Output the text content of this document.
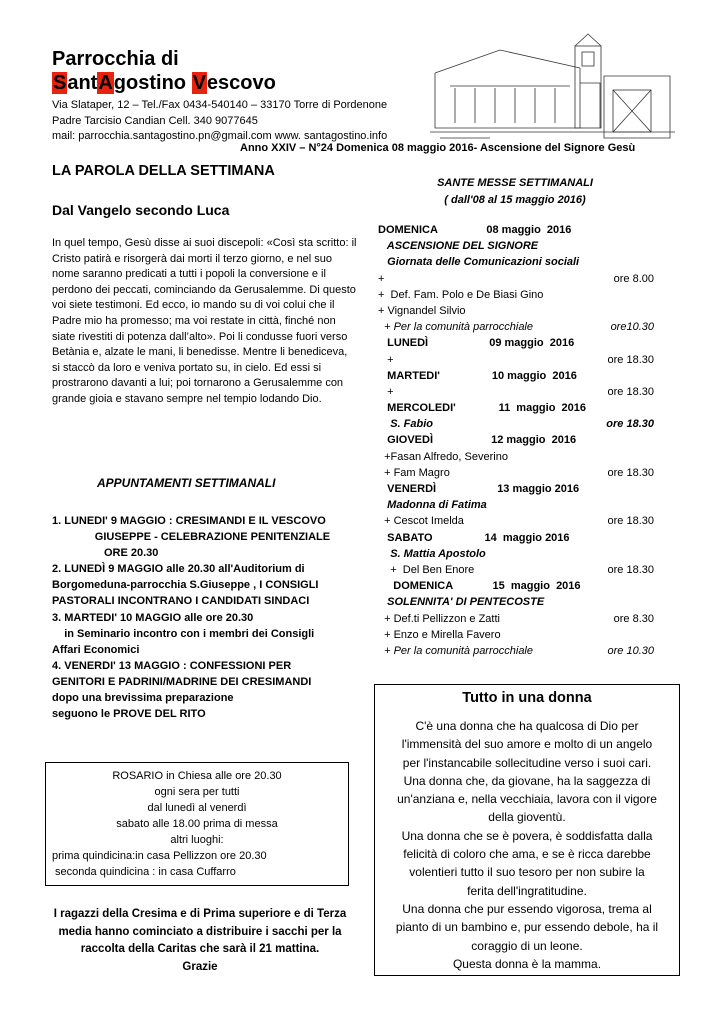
Parrocchia di
SantAgostino Vescovo
Via Slataper, 12 – Tel./Fax 0434-540140 – 33170 Torre di Pordenone
Padre Tarcisio Candian Cell. 340 9077645
mail: parrocchia.santagostino.pn@gmail.com www. santagostino.info
Anno XXIV – N°24 Domenica 08 maggio 2016- Ascensione del Signore Gesù
LA PAROLA DELLA SETTIMANA
Dal Vangelo secondo Luca
In quel tempo, Gesù disse ai suoi discepoli: «Così sta scritto: il Cristo patirà e risorgerà dai morti il terzo giorno, e nel suo nome saranno predicati a tutti i popoli la conversione e il perdono dei peccati, cominciando da Gerusalemme. Di questo voi siete testimoni. Ed ecco, io mando su di voi colui che il Padre mio ha promesso; ma voi restate in città, finché non siate rivestiti di potenza dall’alto». Poi li condusse fuori verso Betània e, alzate le mani, li benedisse. Mentre li benediceva, si staccò da loro e veniva portato su, in cielo. Ed essi si prostrarono davanti a lui; poi tornarono a Gerusalemme con grande gioia e stavano sempre nel tempio lodando Dio.
APPUNTAMENTI SETTIMANALI
1. LUNEDI' 9 MAGGIO : CRESIMANDI E IL VESCOVO
GIUSEPPE - CELEBRAZIONE PENITENZIALE
ORE 20.30
2. LUNEDÌ 9 MAGGIO alle 20.30 all'Auditorium di
Borgomeduna-parrocchia S.Giuseppe , I CONSIGLI
PASTORALI INCONTRANO I CANDIDATI SINDACI
3. MARTEDI' 10 MAGGIO alle ore 20.30
in Seminario incontro con i membri dei Consigli
Affari Economici
4. VENERDI' 13 MAGGIO : CONFESSIONI PER
GENITORI E PADRINI/MADRINE DEI CRESIMANDI
dopo una brevissima preparazione
seguono le PROVE DEL RITO
ROSARIO in Chiesa alle ore 20.30
ogni sera per tutti
dal lunedì al venerdì
sabato alle 18.00 prima di messa
altri luoghi:
prima quindicina:in casa Pellizzon ore 20.30
seconda quindicina : in casa Cuffarro
I ragazzi della Cresima e di Prima superiore e di Terza media hanno cominciato a distribuire i sacchi per la raccolta della Caritas che sarà il 21 mattina.
Grazie
SANTE MESSE SETTIMANALI
( dall'08 al 15 maggio 2016)
DOMENICA                08 maggio  2016
ASCENSIONE DEL SIGNORE
Giornata delle Comunicazioni sociali
+	ore 8.00
+  Def. Fam. Polo e De Biasi Gino
+ Vignandel Silvio
+ Per la comunità parrocchiale	ore10.30
LUNEDÌ                    09 maggio  2016
+	ore 18.30
MARTEDI'                 10 maggio  2016
+	ore 18.30
MERCOLEDI'              11  maggio  2016
S. Fabio	ore 18.30
GIOVEDÌ                   12 maggio  2016
+Fasan Alfredo, Severino
+ Fam Magro	ore 18.30
VENERDÌ                    13 maggio 2016
Madonna di Fatima
+ Cescot Imelda	ore 18.30
SABATO                 14  maggio 2016
S. Mattia Apostolo
+  Del Ben Enore	ore 18.30
DOMENICA             15  maggio  2016
SOLENNITA' DI PENTECOSTE
+ Def.ti Pellizzon e Zatti	ore 8.30
+ Enzo e Mirella Favero
+ Per la comunità parrocchiale	ore 10.30
Tutto in una donna
C'è una donna che ha qualcosa di Dio per
l'immensità del suo amore e molto di un angelo
per l'instancabile sollecitudine verso i suoi cari.
Una donna che, da giovane, ha la saggezza di
un'anziana e, nella vecchiaia, lavora con il vigore
della gioventù.
Una donna che se è povera, è soddisfatta dalla
felicità di coloro che ama, e se è ricca darebbe
volentieri tutto il suo tesoro per non subire la
ferita dell'ingratitudine.
Una donna che pur essendo vigorosa, trema al
pianto di un bambino e, pur essendo debole, ha il
coraggio di un leone.
Questa donna è la mamma.
